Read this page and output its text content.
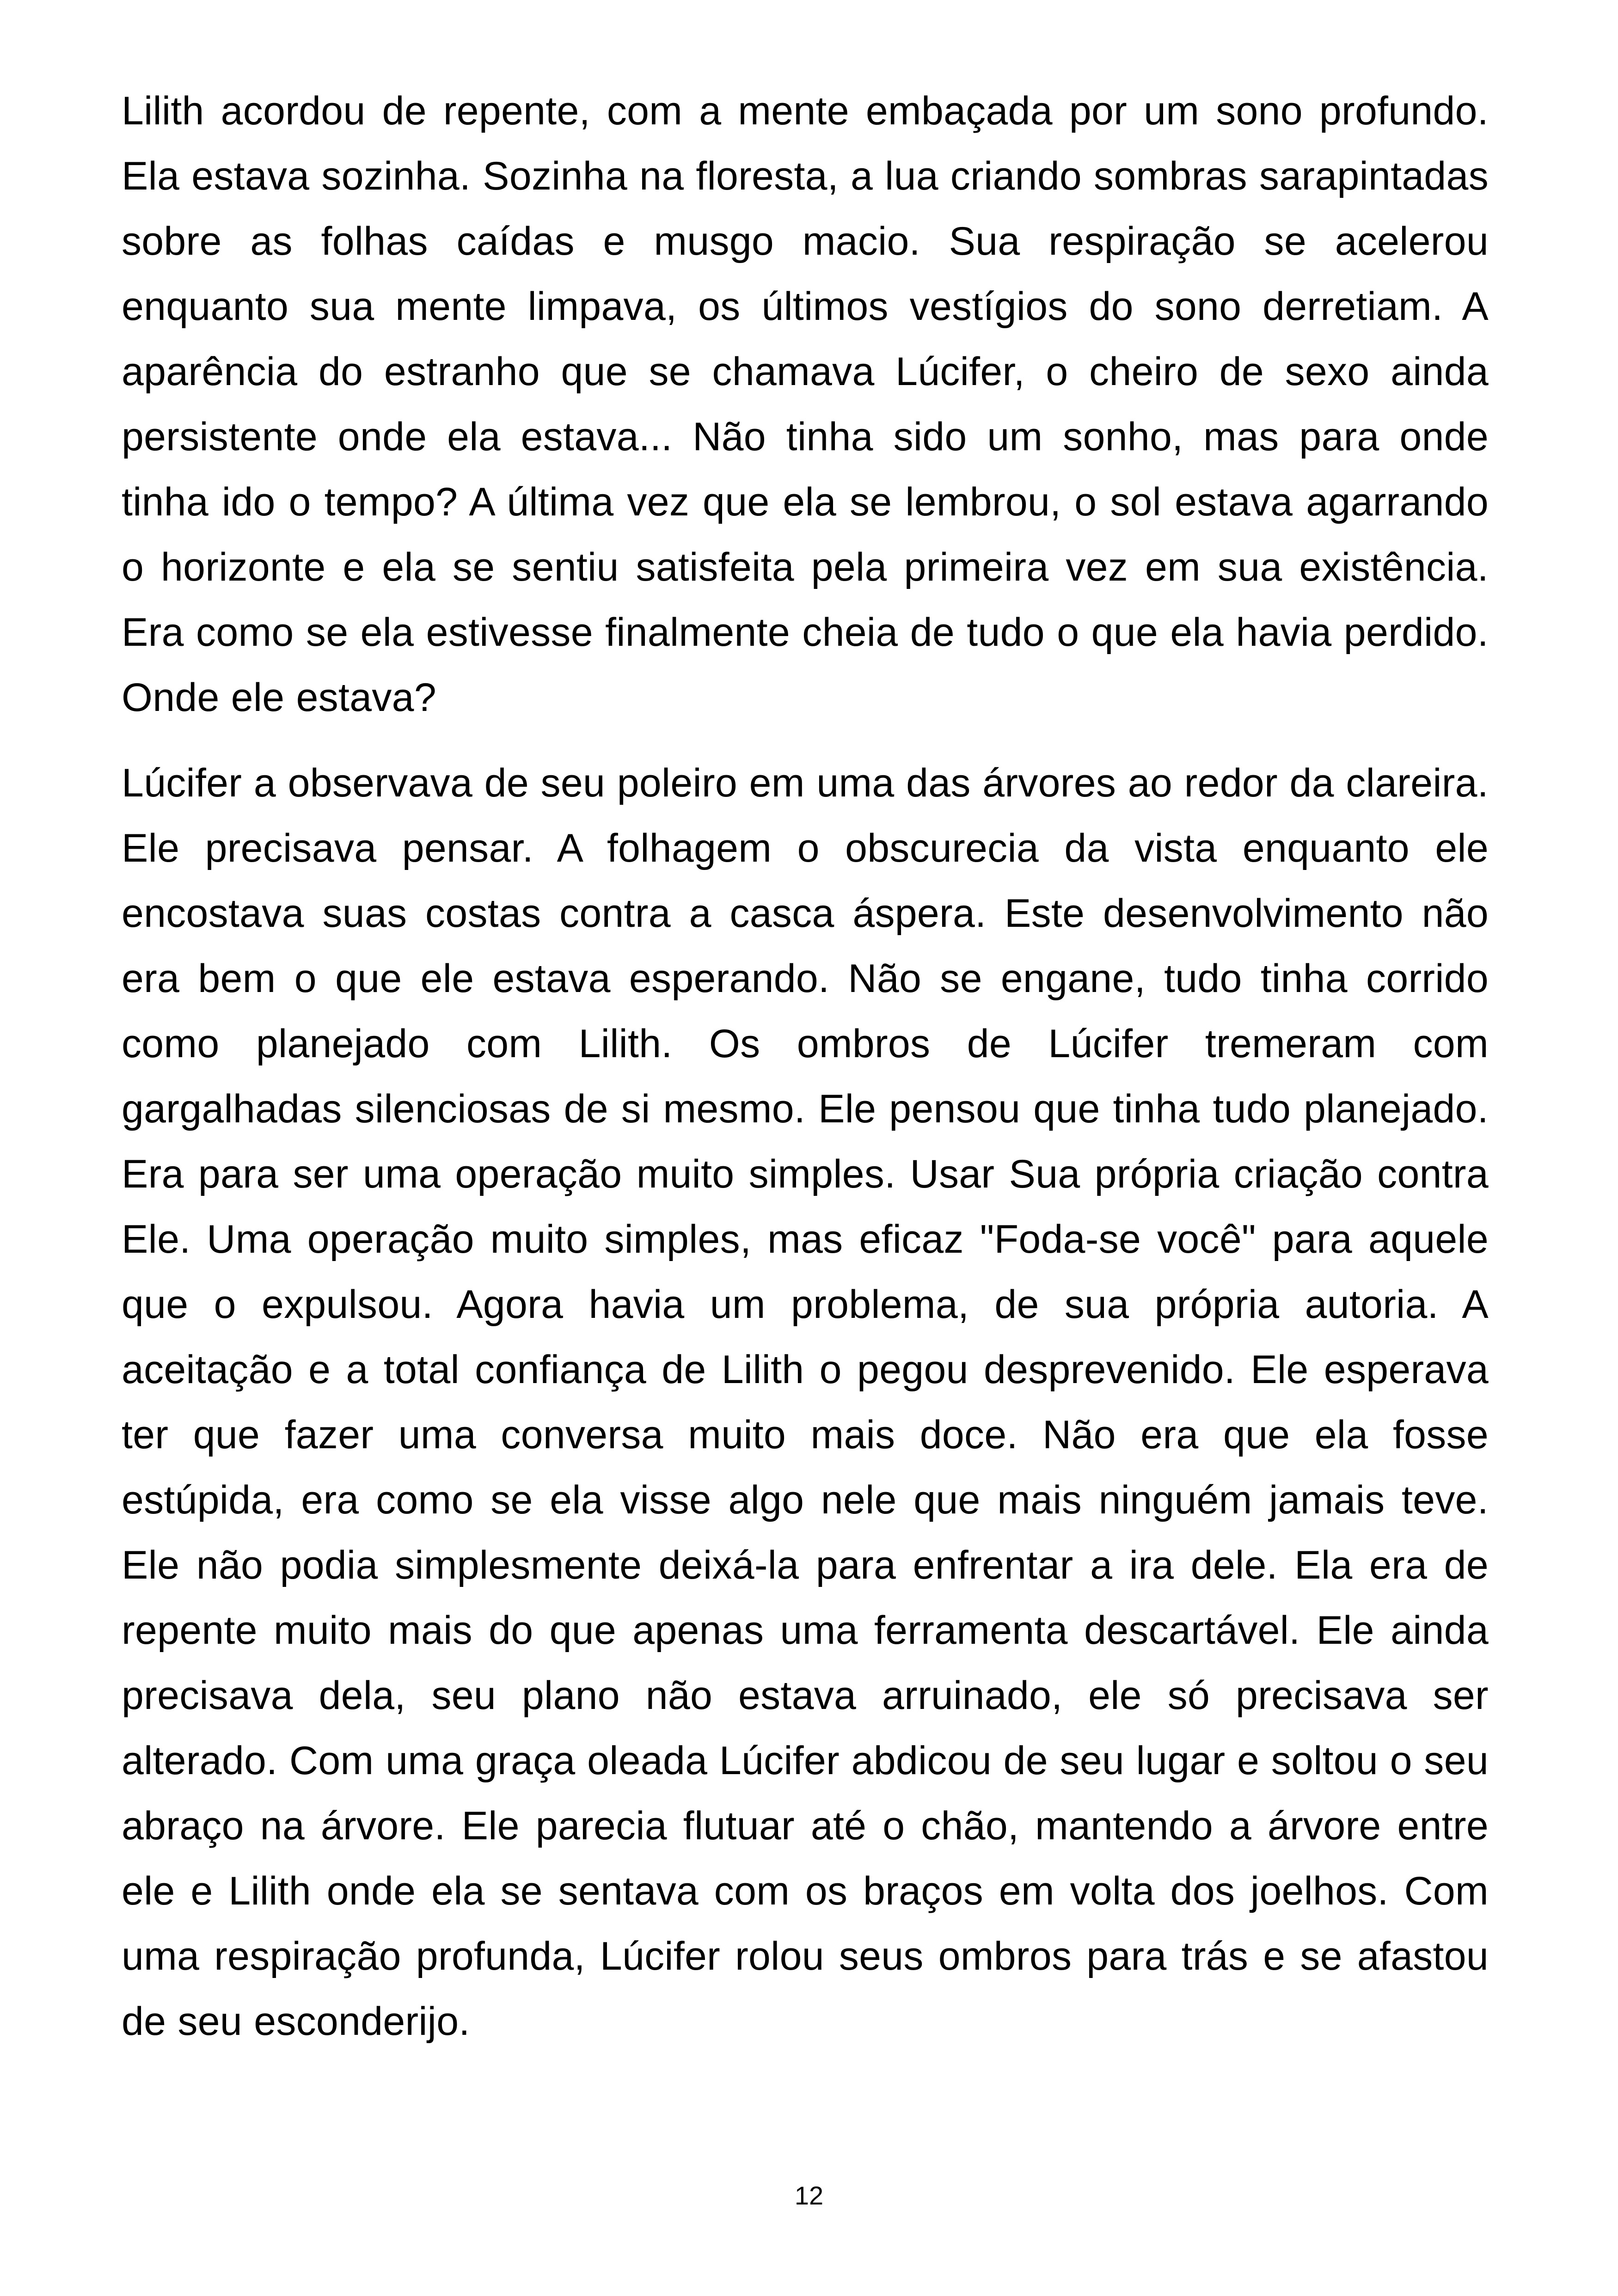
Lilith acordou de repente, com a mente embaçada por um sono profundo. Ela estava sozinha. Sozinha na floresta, a lua criando sombras sarapintadas sobre as folhas caídas e musgo macio. Sua respiração se acelerou enquanto sua mente limpava, os últimos vestígios do sono derretiam. A aparência do estranho que se chamava Lúcifer, o cheiro de sexo ainda persistente onde ela estava... Não tinha sido um sonho, mas para onde tinha ido o tempo? A última vez que ela se lembrou, o sol estava agarrando o horizonte e ela se sentiu satisfeita pela primeira vez em sua existência. Era como se ela estivesse finalmente cheia de tudo o que ela havia perdido. Onde ele estava?

Lúcifer a observava de seu poleiro em uma das árvores ao redor da clareira. Ele precisava pensar. A folhagem o obscurecia da vista enquanto ele encostava suas costas contra a casca áspera. Este desenvolvimento não era bem o que ele estava esperando. Não se engane, tudo tinha corrido como planejado com Lilith. Os ombros de Lúcifer tremeram com gargalhadas silenciosas de si mesmo. Ele pensou que tinha tudo planejado. Era para ser uma operação muito simples. Usar Sua própria criação contra Ele. Uma operação muito simples, mas eficaz "Foda-se você" para aquele que o expulsou. Agora havia um problema, de sua própria autoria. A aceitação e a total confiança de Lilith o pegou desprevenido. Ele esperava ter que fazer uma conversa muito mais doce. Não era que ela fosse estúpida, era como se ela visse algo nele que mais ninguém jamais teve. Ele não podia simplesmente deixá-la para enfrentar a ira dele. Ela era de repente muito mais do que apenas uma ferramenta descartável. Ele ainda precisava dela, seu plano não estava arruinado, ele só precisava ser alterado. Com uma graça oleada Lúcifer abdicou de seu lugar e soltou o seu abraço na árvore. Ele parecia flutuar até o chão, mantendo a árvore entre ele e Lilith onde ela se sentava com os braços em volta dos joelhos. Com uma respiração profunda, Lúcifer rolou seus ombros para trás e se afastou de seu esconderijo.

12
